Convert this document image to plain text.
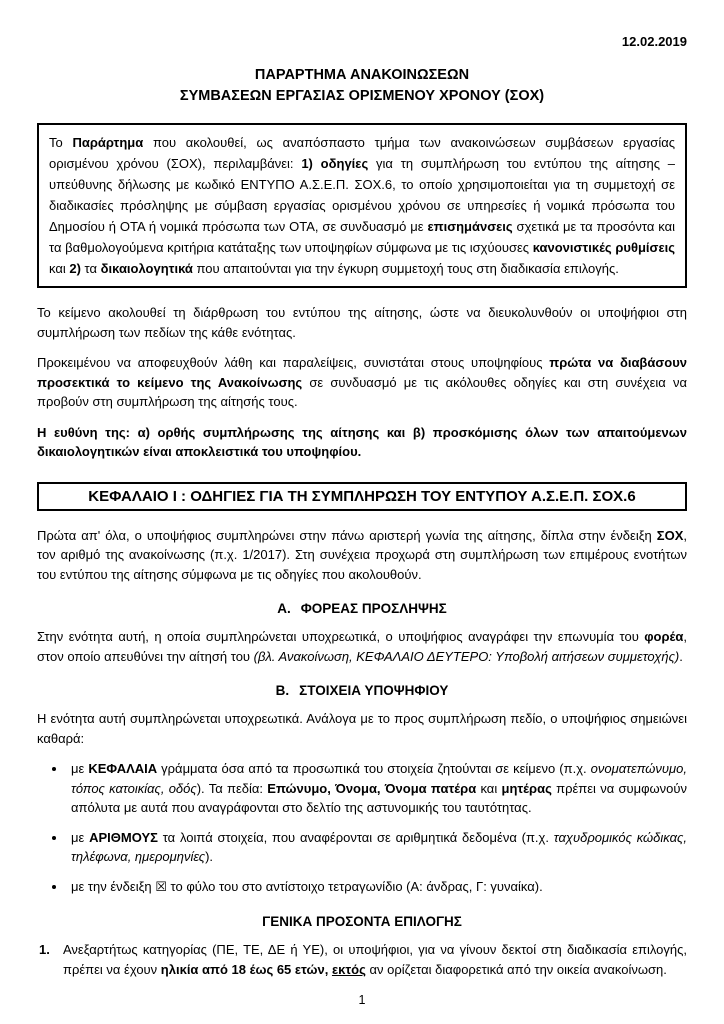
12.02.2019
ΠΑΡΑΡΤΗΜΑ ΑΝΑΚΟΙΝΩΣΕΩΝ
ΣΥΜΒΑΣΕΩΝ ΕΡΓΑΣΙΑΣ ΟΡΙΣΜΕΝΟΥ ΧΡΟΝΟΥ (ΣΟΧ)
Το Παράρτημα που ακολουθεί, ως αναπόσπαστο τμήμα των ανακοινώσεων συμβάσεων εργασίας ορισμένου χρόνου (ΣΟΧ), περιλαμβάνει: 1) οδηγίες για τη συμπλήρωση του εντύπου της αίτησης – υπεύθυνης δήλωσης με κωδικό ΕΝΤΥΠΟ Α.Σ.Ε.Π. ΣΟΧ.6, το οποίο χρησιμοποιείται για τη συμμετοχή σε διαδικασίες πρόσληψης με σύμβαση εργασίας ορισμένου χρόνου σε υπηρεσίες ή νομικά πρόσωπα του Δημοσίου ή ΟΤΑ ή νομικά πρόσωπα των ΟΤΑ, σε συνδυασμό με επισημάνσεις σχετικά με τα προσόντα και τα βαθμολογούμενα κριτήρια κατάταξης των υποψηφίων σύμφωνα με τις ισχύουσες κανονιστικές ρυθμίσεις και 2) τα δικαιολογητικά που απαιτούνται για την έγκυρη συμμετοχή τους στη διαδικασία επιλογής.

Το κείμενο ακολουθεί τη διάρθρωση του εντύπου της αίτησης, ώστε να διευκολυνθούν οι υποψήφιοι στη συμπλήρωση των πεδίων της κάθε ενότητας.

Προκειμένου να αποφευχθούν λάθη και παραλείψεις, συνιστάται στους υποψηφίους πρώτα να διαβάσουν προσεκτικά το κείμενο της Ανακοίνωσης σε συνδυασμό με τις ακόλουθες οδηγίες και στη συνέχεια να προβούν στη συμπλήρωση της αίτησής τους.

Η ευθύνη της: α) ορθής συμπλήρωσης της αίτησης και β) προσκόμισης όλων των απαιτούμενων δικαιολογητικών είναι αποκλειστικά του υποψηφίου.

ΚΕΦΑΛΑΙΟ Ι : ΟΔΗΓΙΕΣ ΓΙΑ ΤΗ ΣΥΜΠΛΗΡΩΣΗ ΤΟΥ ΕΝΤΥΠΟΥ Α.Σ.Ε.Π. ΣΟΧ.6

Πρώτα απ' όλα, ο υποψήφιος συμπληρώνει στην πάνω αριστερή γωνία της αίτησης, δίπλα στην ένδειξη ΣΟΧ, τον αριθμό της ανακοίνωσης (π.χ. 1/2017). Στη συνέχεια προχωρά στη συμπλήρωση των επιμέρους ενοτήτων του εντύπου της αίτησης σύμφωνα με τις οδηγίες που ακολουθούν.

Α. ΦΟΡΕΑΣ ΠΡΟΣΛΗΨΗΣ

Στην ενότητα αυτή, η οποία συμπληρώνεται υποχρεωτικά, ο υποψήφιος αναγράφει την επωνυμία του φορέα, στον οποίο απευθύνει την αίτησή του (βλ. Ανακοίνωση, ΚΕΦΑΛΑΙΟ ΔΕΥΤΕΡΟ: Υποβολή αιτήσεων συμμετοχής).

Β. ΣΤΟΙΧΕΙΑ ΥΠΟΨΗΦΙΟΥ

Η ενότητα αυτή συμπληρώνεται υποχρεωτικά. Ανάλογα με το προς συμπλήρωση πεδίο, ο υποψήφιος σημειώνει καθαρά:

• με ΚΕΦΑΛΑΙΑ γράμματα όσα από τα προσωπικά του στοιχεία ζητούνται σε κείμενο (π.χ. ονοματεπώνυμο, τόπος κατοικίας, οδός). Τα πεδία: Επώνυμο, Όνομα, Όνομα πατέρα και μητέρας πρέπει να συμφωνούν απόλυτα με αυτά που αναγράφονται στο δελτίο της αστυνομικής του ταυτότητας.
• με ΑΡΙΘΜΟΥΣ τα λοιπά στοιχεία, που αναφέρονται σε αριθμητικά δεδομένα (π.χ. ταχυδρομικός κώδικας, τηλέφωνα, ημερομηνίες).
• με την ένδειξη ☒ το φύλο του στο αντίστοιχο τετραγωνίδιο (Α: άνδρας, Γ: γυναίκα).
ΓΕΝΙΚΑ ΠΡΟΣΟΝΤΑ ΕΠΙΛΟΓΗΣ
1.	Ανεξαρτήτως κατηγορίας (ΠΕ, ΤΕ, ΔΕ ή ΥΕ), οι υποψήφιοι, για να γίνουν δεκτοί στη διαδικασία επιλογής, πρέπει να έχουν ηλικία από 18 έως 65 ετών, εκτός αν ορίζεται διαφορετικά από την οικεία ανακοίνωση.
1
